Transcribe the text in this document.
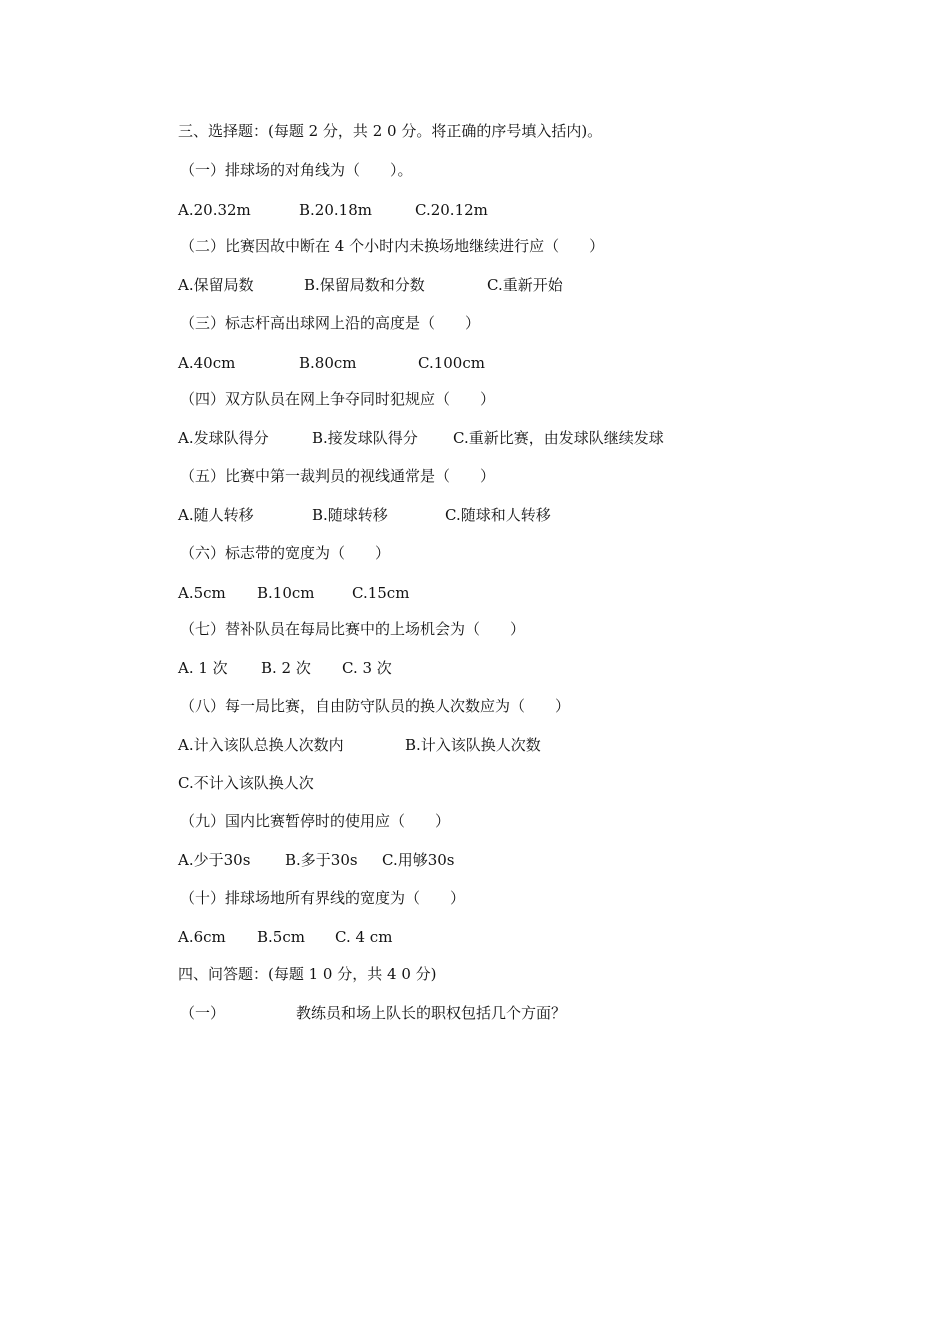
三、选择题：(每题 2 分，共 2 0 分。将正确的序号填入括内)。
（一）排球场的对角线为（　　）。
A.20.32m	B.20.18m	C.20.12m
（二）比赛因故中断在 4 个小时内未换场地继续进行应（　　）
A.保留局数	B.保留局数和分数	C.重新开始
（三）标志杆高出球网上沿的高度是（　　）
A.40cm	B.80cm	C.100cm
（四）双方队员在网上争夺同时犯规应（　　）
A.发球队得分	B.接发球队得分 C.重新比赛，由发球队继续发球
（五）比赛中第一裁判员的视线通常是（　　）
A.随人转移	B.随球转移	C.随球和人转移
（六）标志带的宽度为（　　）
A.5cm B.10cm C.15cm
（七）替补队员在每局比赛中的上场机会为（　　）
A. 1 次 B. 2 次 C. 3 次
（八）每一局比赛，自由防守队员的换人次数应为（　　）
A.计入该队总换人次数内	B.计入该队换人次数
C.不计入该队换人次
（九）国内比赛暂停时的使用应（　　）
A.少于30s B.多于30s C.用够30s
（十）排球场地所有界线的宽度为（　　）
A.6cm B.5cm C. 4 cm
四、问答题：(每题 1 0 分，共 4 0 分)
（一）	教练员和场上队长的职权包括几个方面？
